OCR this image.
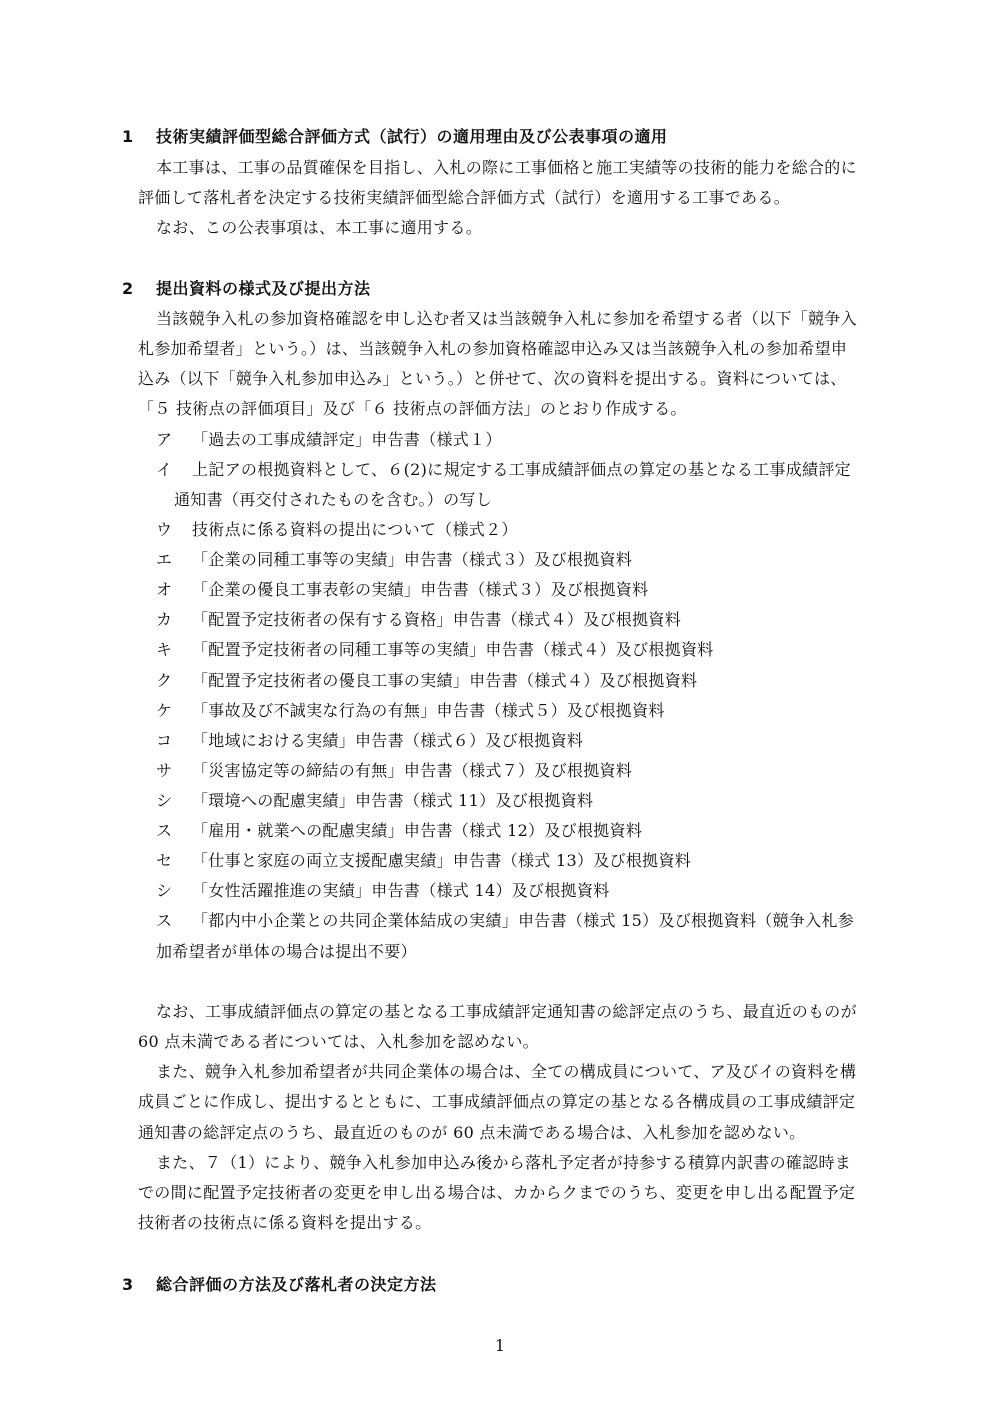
1 技術実績評価型総合評価方式（試行）の適用理由及び公表事項の適用
本工事は、工事の品質確保を目指し、入札の際に工事価格と施工実績等の技術的能力を総合的に
評価して落札者を決定する技術実績評価型総合評価方式（試行）を適用する工事である。
なお、この公表事項は、本工事に適用する。
2 提出資料の様式及び提出方法
当該競争入札の参加資格確認を申し込む者又は当該競争入札に参加を希望する者（以下「競争入
札参加希望者」という。）は、当該競争入札の参加資格確認申込み又は当該競争入札の参加希望申
込み（以下「競争入札参加申込み」という。）と併せて、次の資料を提出する。資料については、
「５ 技術点の評価項目」及び「６ 技術点の評価方法」のとおり作成する。
ア 「過去の工事成績評定」申告書（様式１）
イ 上記アの根拠資料として、６(2)に規定する工事成績評価点の算定の基となる工事成績評定
通知書（再交付されたものを含む。）の写し
ウ 技術点に係る資料の提出について（様式２）
エ 「企業の同種工事等の実績」申告書（様式３）及び根拠資料
オ 「企業の優良工事表彰の実績」申告書（様式３）及び根拠資料
カ 「配置予定技術者の保有する資格」申告書（様式４）及び根拠資料
キ 「配置予定技術者の同種工事等の実績」申告書（様式４）及び根拠資料
ク 「配置予定技術者の優良工事の実績」申告書（様式４）及び根拠資料
ケ 「事故及び不誠実な行為の有無」申告書（様式５）及び根拠資料
コ 「地域における実績」申告書（様式６）及び根拠資料
サ 「災害協定等の締結の有無」申告書（様式７）及び根拠資料
シ 「環境への配慮実績」申告書（様式 11）及び根拠資料
ス 「雇用・就業への配慮実績」申告書（様式 12）及び根拠資料
セ 「仕事と家庭の両立支援配慮実績」申告書（様式 13）及び根拠資料
シ 「女性活躍推進の実績」申告書（様式 14）及び根拠資料
ス 「都内中小企業との共同企業体結成の実績」申告書（様式 15）及び根拠資料（競争入札参
加希望者が単体の場合は提出不要）
なお、工事成績評価点の算定の基となる工事成績評定通知書の総評定点のうち、最直近のものが
60 点未満である者については、入札参加を認めない。
また、競争入札参加希望者が共同企業体の場合は、全ての構成員について、ア及びイの資料を構
成員ごとに作成し、提出するとともに、工事成績評価点の算定の基となる各構成員の工事成績評定
通知書の総評定点のうち、最直近のものが 60 点未満である場合は、入札参加を認めない。
また、７（1）により、競争入札参加申込み後から落札予定者が持参する積算内訳書の確認時ま
での間に配置予定技術者の変更を申し出る場合は、カからクまでのうち、変更を申し出る配置予定
技術者の技術点に係る資料を提出する。
3 総合評価の方法及び落札者の決定方法
1
